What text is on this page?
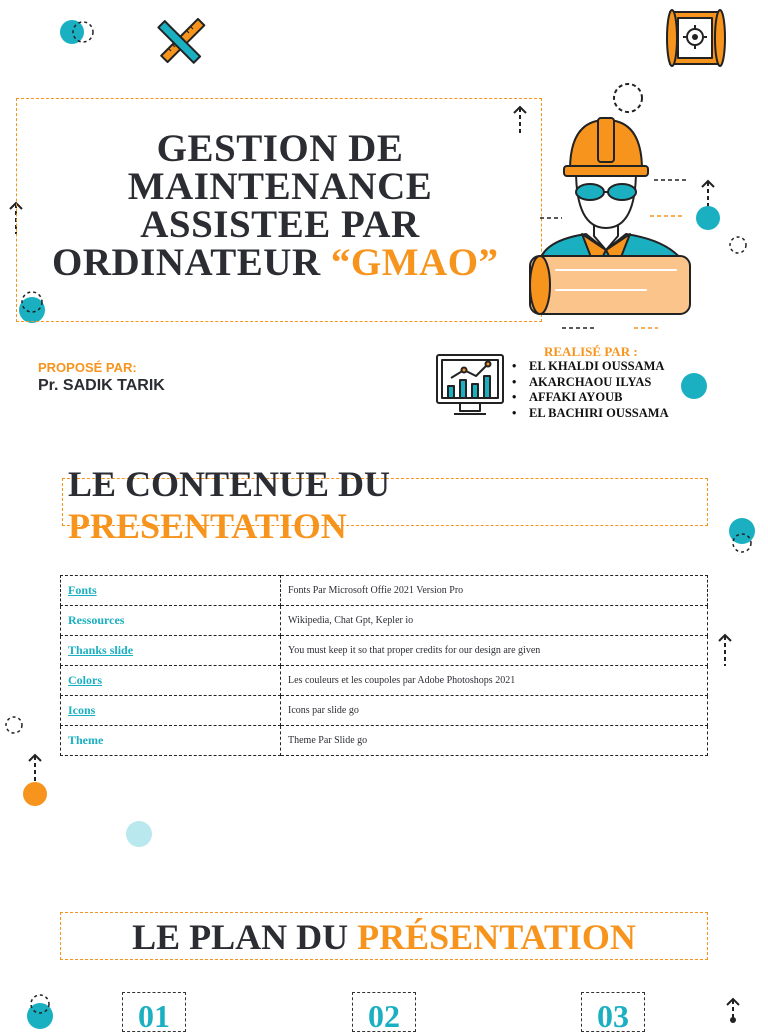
GESTION DE
MAINTENANCE
ASSISTEE PAR
ORDINATEUR “GMAO”
PROPOSÉ PAR:
Pr. SADIK TARIK
REALISÉ PAR :
• EL KHALDI OUSSAMA
• AKARCHAOU ILYAS
• AFFAKI AYOUB
• EL BACHIRI OUSSAMA
LE CONTENUE DU
PRESENTATION
Fonts	Fonts Par Microsoft Offie 2021 Version Pro
Ressources	Wikipedia, Chat Gpt, Kepler io
Thanks slide	You must keep it so that proper credits for our design are given
Colors	Les couleurs et les coupoles par Adobe Photoshops 2021
Icons	Icons par slide go
Theme	Theme Par Slide go
LE PLAN DU PRÉSENTATION
01	02	03
